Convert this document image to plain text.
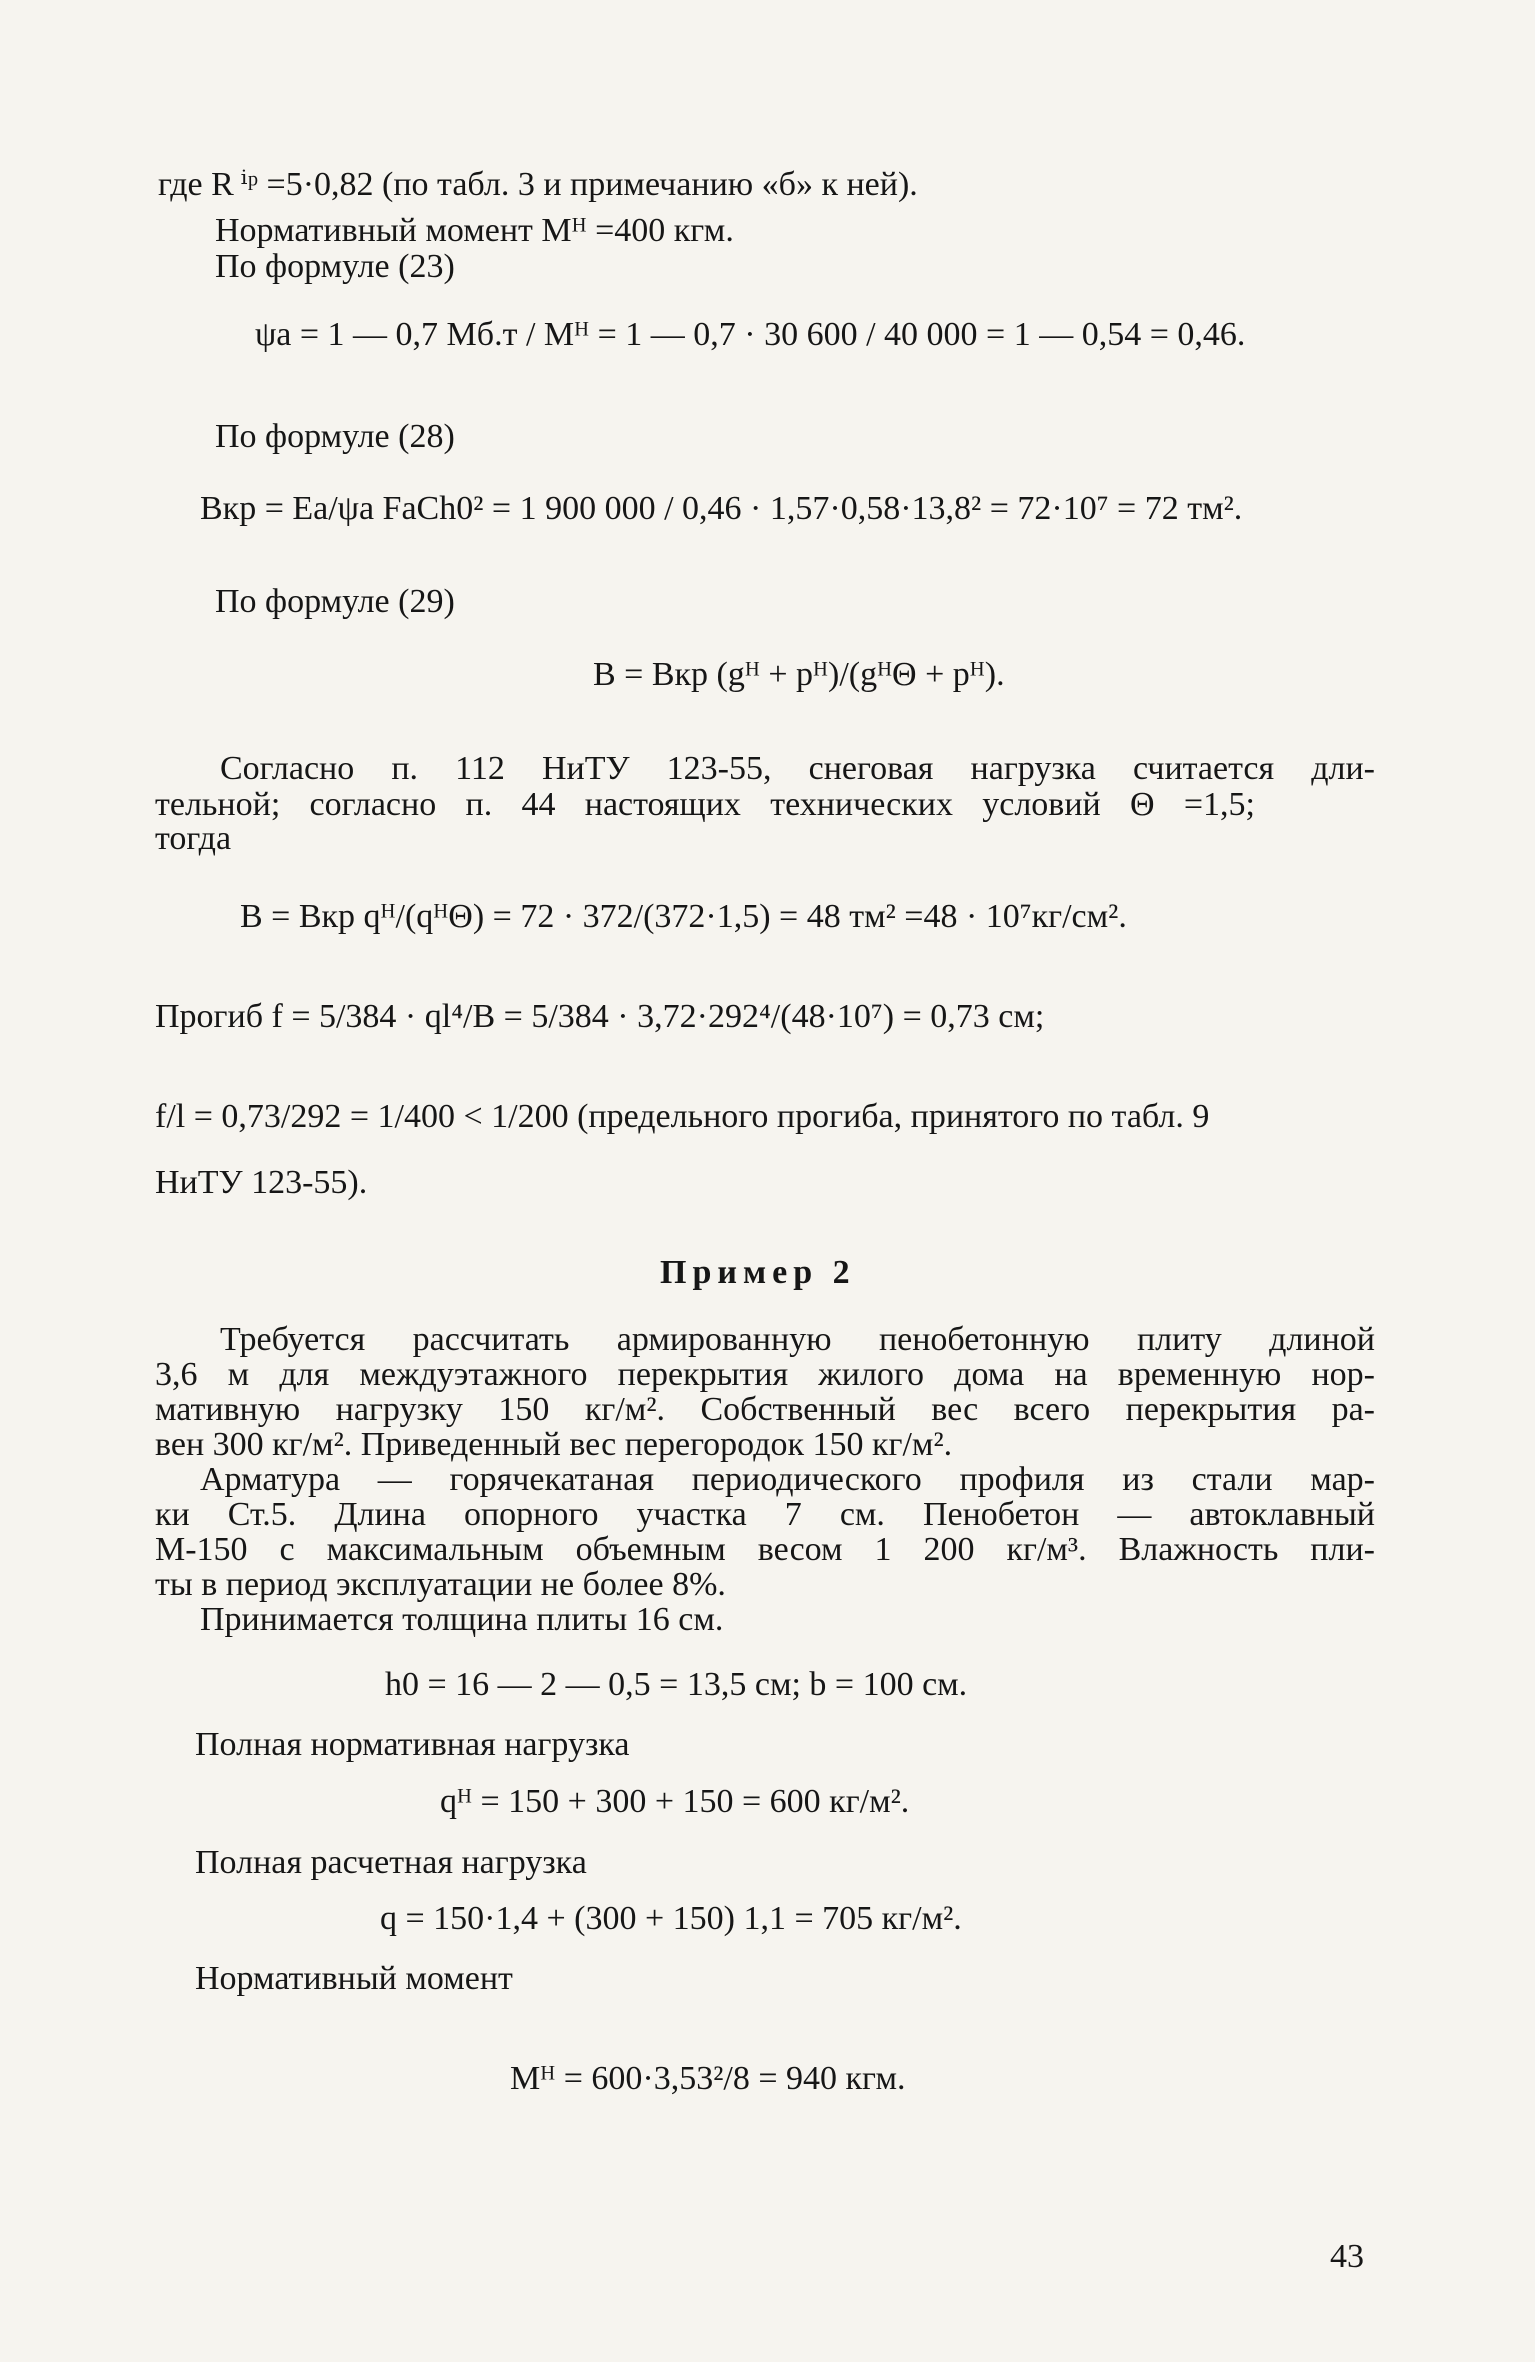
где R ⁱᵖ =5·0,82 (по табл. 3 и примечанию «б» к ней).
Нормативный момент Mᴴ =400 кгм.
По формуле (23)
ψa = 1 — 0,7 Mб.т / Mᴴ = 1 — 0,7 · 30 600 / 40 000 = 1 — 0,54 = 0,46.
По формуле (28)
Bкр = Ea/ψa FaCh0² = 1 900 000 / 0,46 · 1,57·0,58·13,8² = 72·10⁷ = 72 тм².
По формуле (29)
B = Bкр (gᴴ + pᴴ)/(gᴴΘ + pᴴ).
Согласно п. 112 НиТУ 123-55, снеговая нагрузка считается дли-
тельной; согласно п. 44 настоящих технических условий Θ =1,5;
тогда
B = Bкр qᴴ/(qᴴΘ) = 72 · 372/(372·1,5) = 48 тм² =48 · 10⁷кг/см².
Прогиб f = 5/384 · ql⁴/B = 5/384 · 3,72·292⁴/(48·10⁷) = 0,73 см;
f/l = 0,73/292 = 1/400 < 1/200 (предельного прогиба, принятого по табл. 9
НиТУ 123-55).
Пример 2
Требуется рассчитать армированную пенобетонную плиту длиной
3,6 м для междуэтажного перекрытия жилого дома на временную нор-
мативную нагрузку 150 кг/м². Собственный вес всего перекрытия ра-
вен 300 кг/м². Приведенный вес перегородок 150 кг/м².
Арматура — горячекатаная периодического профиля из стали мар-
ки Ст.5. Длина опорного участка 7 см. Пенобетон — автоклавный
М-150 с максимальным объемным весом 1 200 кг/м³. Влажность пли-
ты в период эксплуатации не более 8%.
Принимается толщина плиты 16 см.
h0 = 16 — 2 — 0,5 = 13,5 см; b = 100 см.
Полная нормативная нагрузка
qᴴ = 150 + 300 + 150 = 600 кг/м².
Полная расчетная нагрузка
q = 150·1,4 + (300 + 150) 1,1 = 705 кг/м².
Нормативный момент
Mᴴ = 600·3,53²/8 = 940 кгм.
43
